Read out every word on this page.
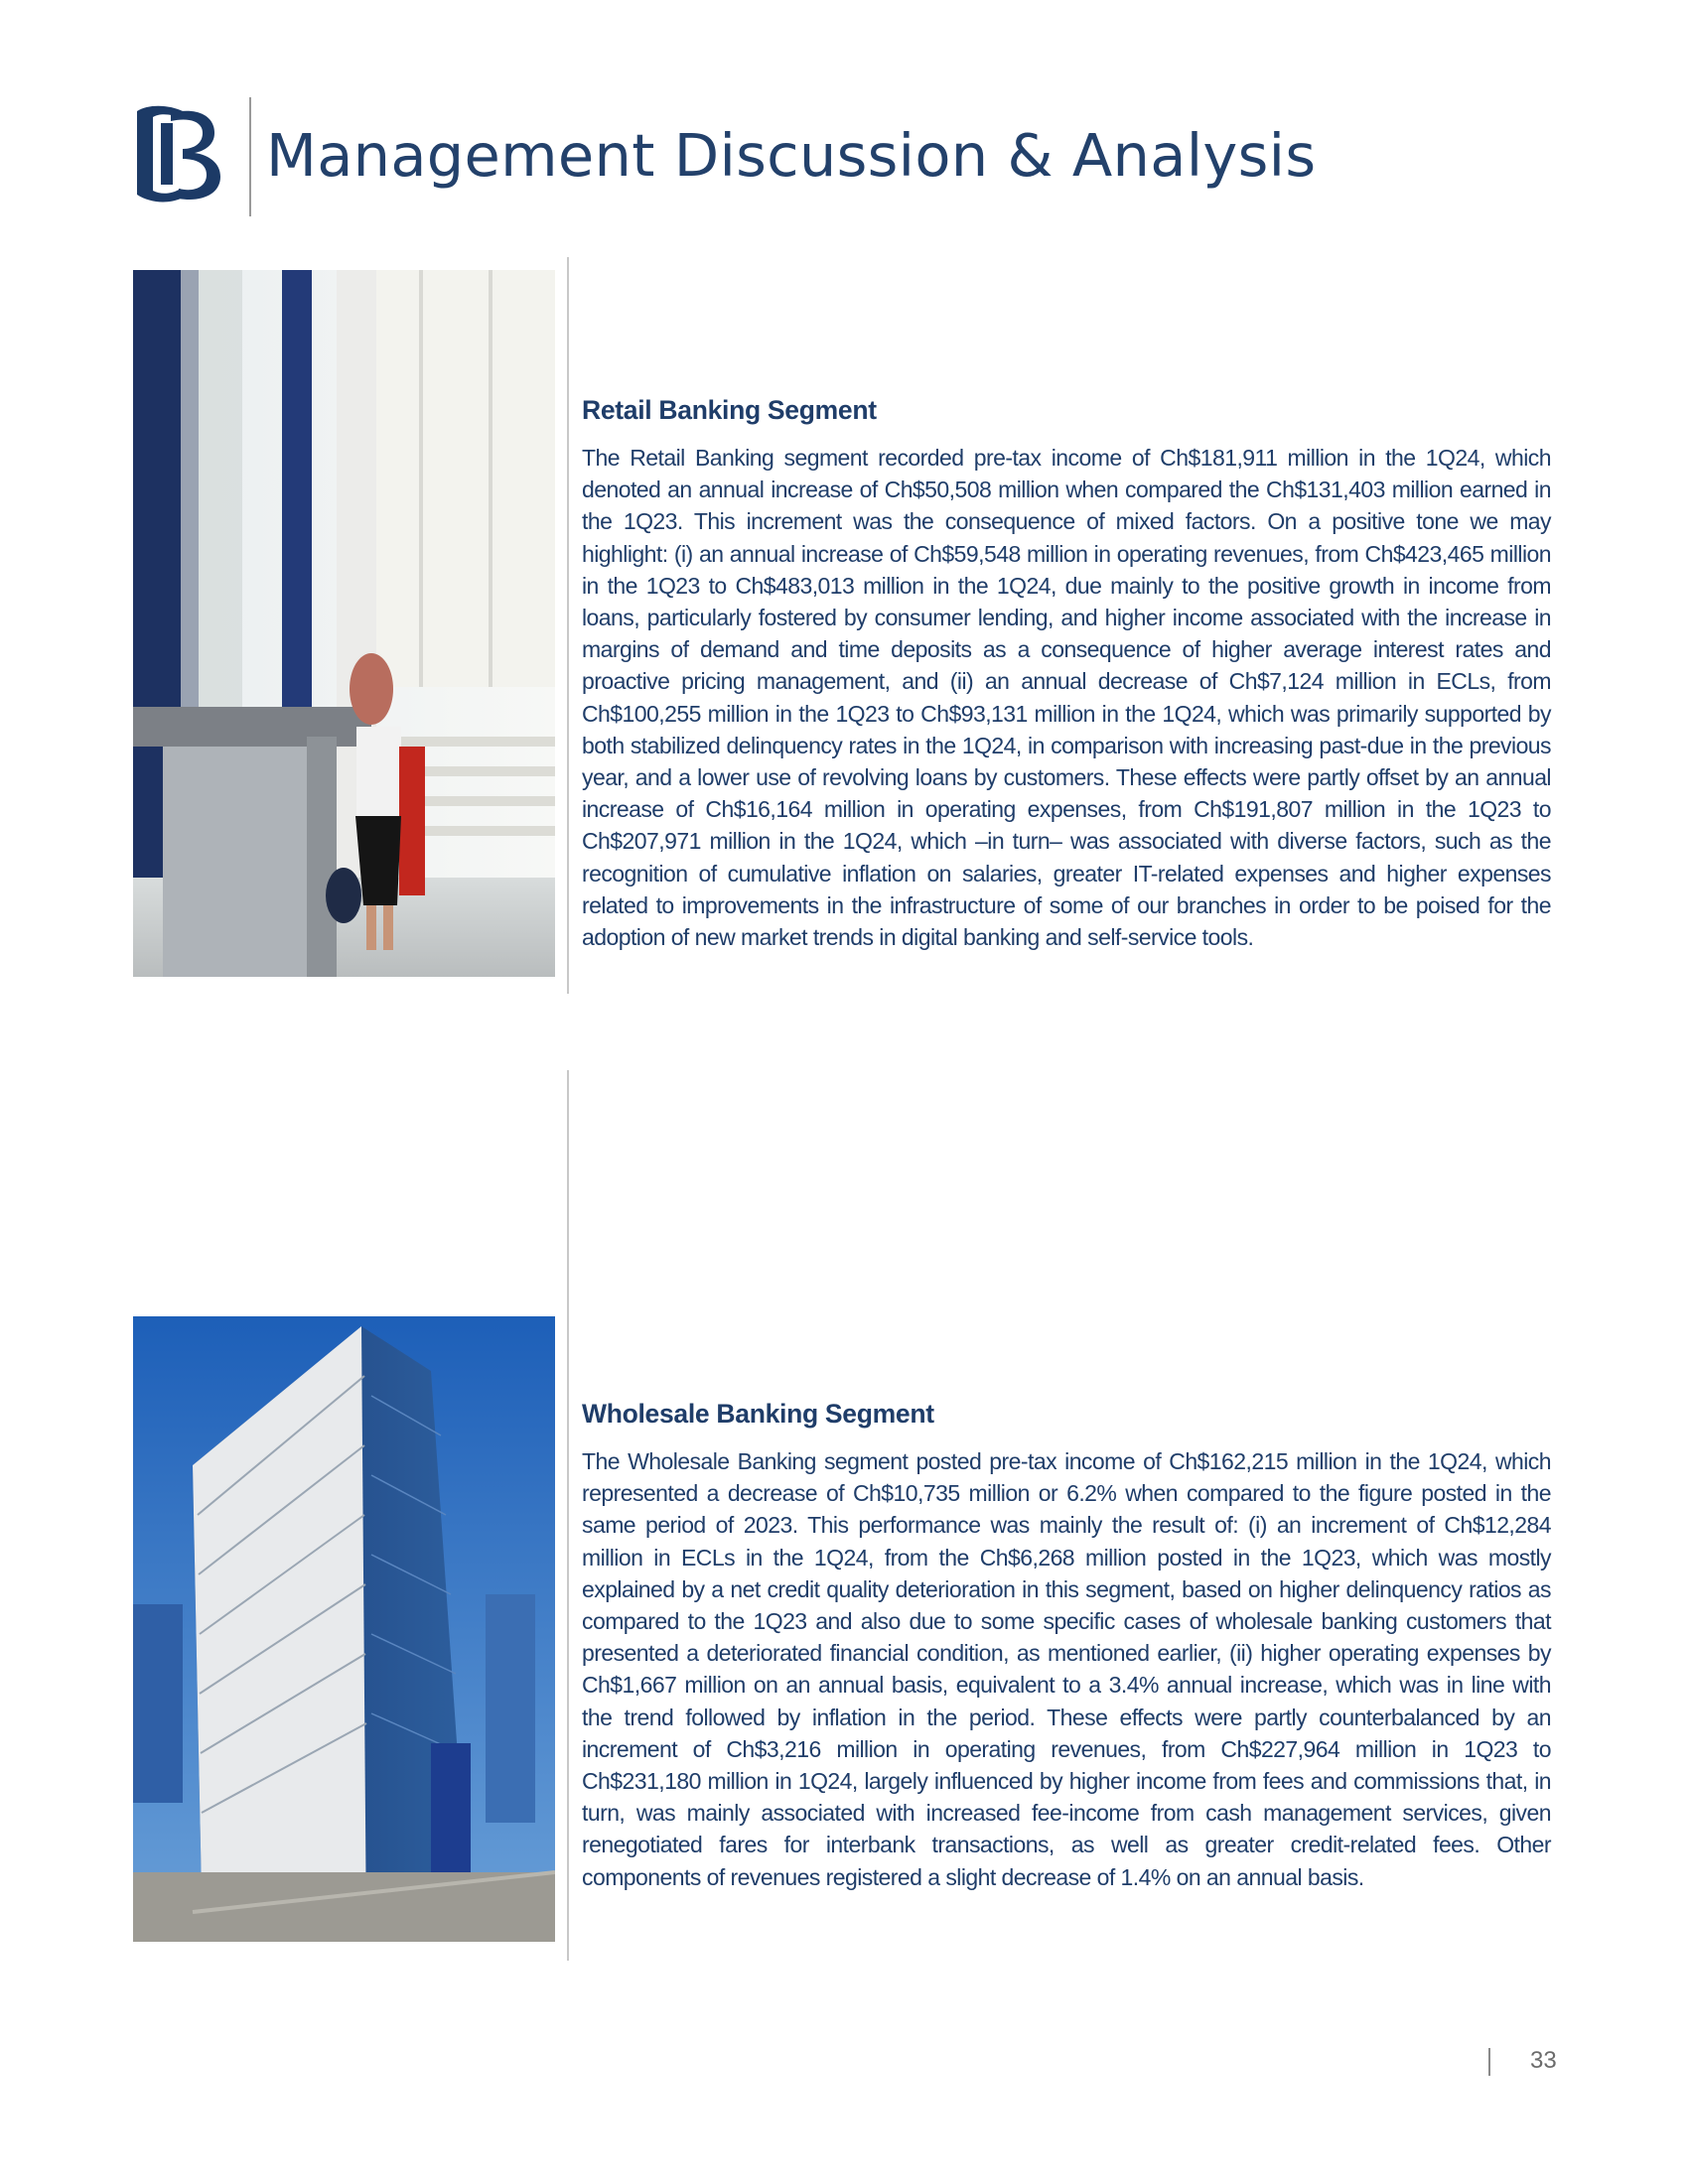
Management Discussion & Analysis
Retail Banking Segment

The Retail Banking segment recorded pre-tax income of Ch$181,911 million in the 1Q24, which denoted an annual increase of Ch$50,508 million when compared the Ch$131,403 million earned in the 1Q23. This increment was the consequence of mixed factors. On a positive tone we may highlight: (i) an annual increase of Ch$59,548 million in operating revenues, from Ch$423,465 million in the 1Q23 to Ch$483,013 million in the 1Q24, due mainly to the positive growth in income from loans, particularly fostered by consumer lending, and higher income associated with the increase in margins of demand and time deposits as a consequence of higher average interest rates and proactive pricing management, and (ii) an annual decrease of Ch$7,124 million in ECLs, from Ch$100,255 million in the 1Q23 to Ch$93,131 million in the 1Q24, which was primarily supported by both stabilized delinquency rates in the 1Q24, in comparison with increasing past-due in the previous year, and a lower use of revolving loans by customers. These effects were partly offset by an annual increase of Ch$16,164 million in operating expenses, from Ch$191,807 million in the 1Q23 to Ch$207,971 million in the 1Q24, which –in turn– was associated with diverse factors, such as the recognition of cumulative inflation on salaries, greater IT-related expenses and higher expenses related to improvements in the infrastructure of some of our branches in order to be poised for the adoption of new market trends in digital banking and self-service tools.

Wholesale Banking Segment

The Wholesale Banking segment posted pre-tax income of Ch$162,215 million in the 1Q24, which represented a decrease of Ch$10,735 million or 6.2% when compared to the figure posted in the same period of 2023. This performance was mainly the result of: (i) an increment of Ch$12,284 million in ECLs in the 1Q24, from the Ch$6,268 million posted in the 1Q23, which was mostly explained by a net credit quality deterioration in this segment, based on higher delinquency ratios as compared to the 1Q23 and also due to some specific cases of wholesale banking customers that presented a deteriorated financial condition, as mentioned earlier, (ii) higher operating expenses by Ch$1,667 million on an annual basis, equivalent to a 3.4% annual increase, which was in line with the trend followed by inflation in the period. These effects were partly counterbalanced by an increment of Ch$3,216 million in operating revenues, from Ch$227,964 million in 1Q23 to Ch$231,180 million in 1Q24, largely influenced by higher income from fees and commissions that, in turn, was mainly associated with increased fee-income from cash management services, given renegotiated fares for interbank transactions, as well as greater credit-related fees. Other components of revenues registered a slight decrease of 1.4% on an annual basis.

33
